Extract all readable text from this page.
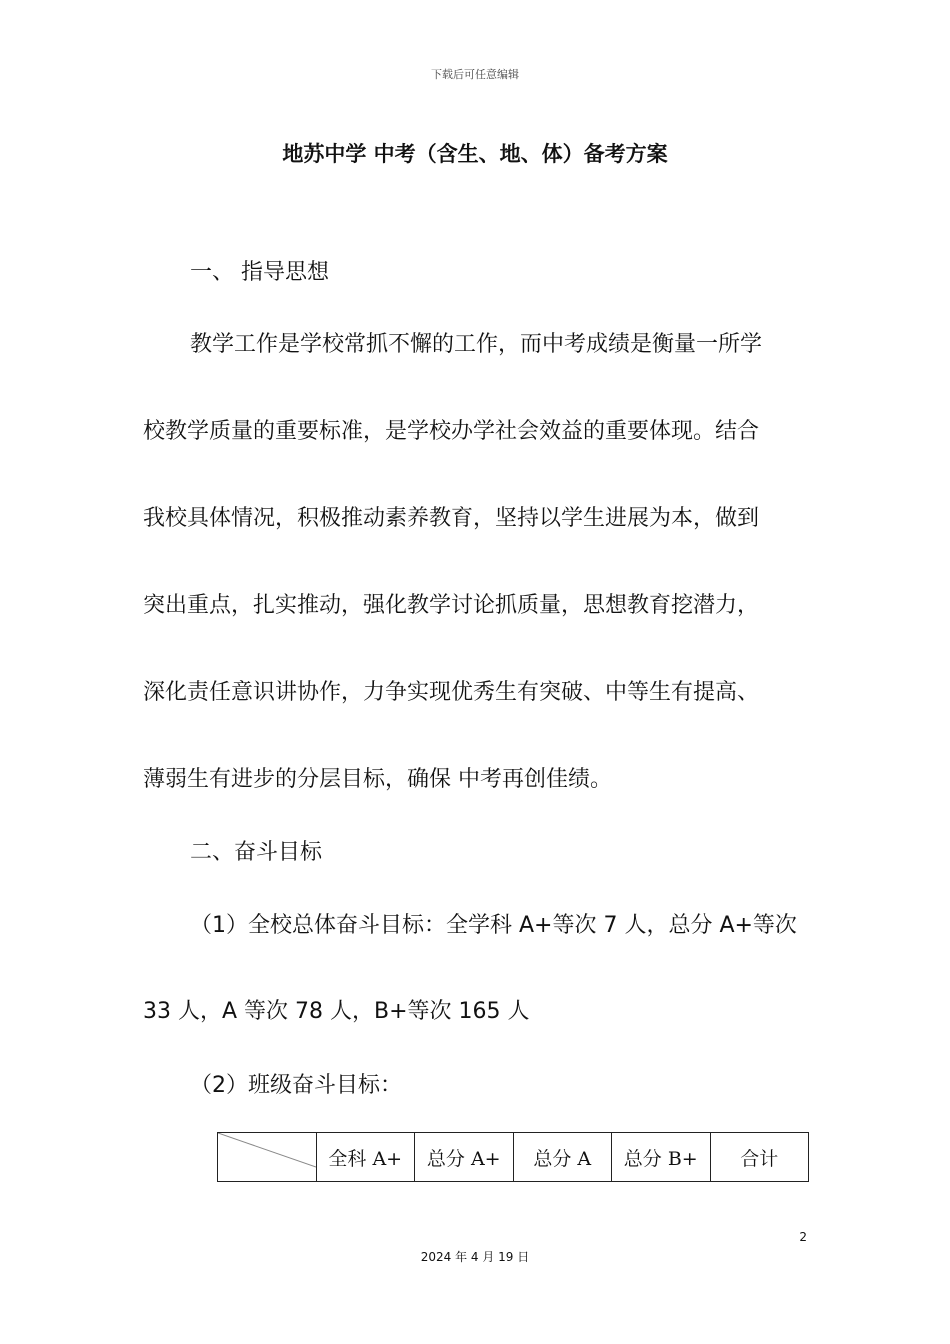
下载后可任意编辑
地苏中学 中考（含生、地、体）备考方案
一、 指导思想
教学工作是学校常抓不懈的工作，而中考成绩是衡量一所学
校教学质量的重要标准，是学校办学社会效益的重要体现。结合
我校具体情况，积极推动素养教育，坚持以学生进展为本，做到
突出重点，扎实推动，强化教学讨论抓质量，思想教育挖潜力，
深化责任意识讲协作，力争实现优秀生有突破、中等生有提高、
薄弱生有进步的分层目标，确保 中考再创佳绩。
二、奋斗目标
（1）全校总体奋斗目标：全学科 A+等次 7 人，总分 A+等次
33 人，A 等次 78 人，B+等次 165 人
（2）班级奋斗目标：
	全科 A+	总分 A+	总分 A	总分 B+	合计
2
2024 年 4 月 19 日
